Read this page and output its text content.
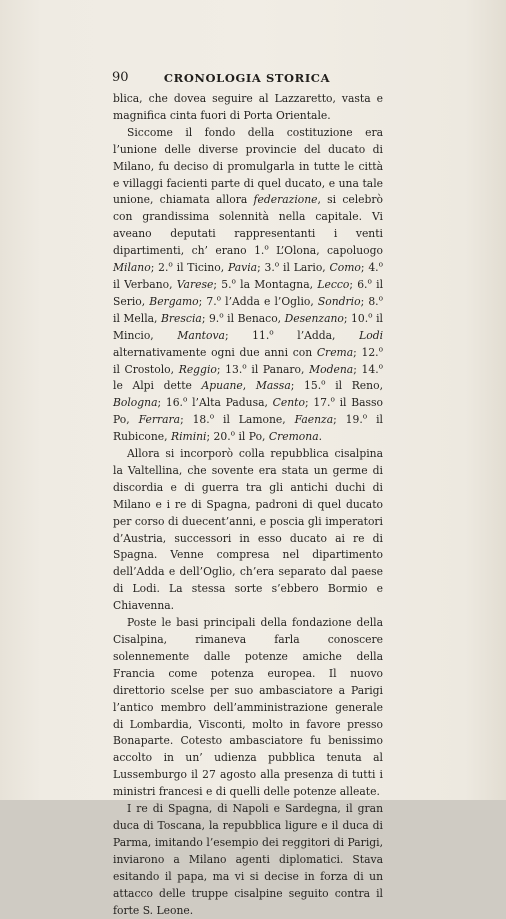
90	CRONOLOGIA STORICA

blica, che dovea seguire al Lazzaretto, vasta e magnifica cinta fuori di Porta Orientale.

Siccome il fondo della costituzione era l’unione delle diverse provincie del ducato di Milano, fu deciso di promulgarla in tutte le città e villaggi facienti parte di quel ducato, e una tale unione, chiamata allora federazione, si celebrò con grandissima solennità nella capitale. Vi aveano deputati rappresentanti i venti dipartimenti, ch’ erano 1.$^o$ L’Olona, capoluogo Milano; 2.$^o$ il Ticino, Pavia; 3.$^o$ il Lario, Como; 4.$^o$ il Verbano, Varese; 5.$^o$ la Montagna, Lecco; 6.$^o$ il Serio, Bergamo; 7.$^o$ l’Adda e l’Oglio, Sondrio; 8.$^o$ il Mella, Brescia; 9.$^o$ il Benaco, Desenzano; 10.$^o$ il Mincio, Mantova; 11.$^o$ l’Adda, Lodi alternativamente ogni due anni con Crema; 12.$^o$ il Crostolo, Reggio; 13.$^o$ il Panaro, Modena; 14.$^o$ le Alpi dette Apuane, Massa; 15.$^o$ il Reno, Bologna; 16.$^o$ l’Alta Padusa, Cento; 17.$^o$ il Basso Po, Ferrara; 18.$^o$ il Lamone, Faenza; 19.$^o$ il Rubicone, Rimini; 20.$^o$ il Po, Cremona.

Allora si incorporò colla repubblica cisalpina la Valtellina, che sovente era stata un germe di discordia e di guerra tra gli antichi duchi di Milano e i re di Spagna, padroni di quel ducato per corso di duecent’anni, e poscia gli imperatori d’Austria, successori in esso ducato ai re di Spagna. Venne compresa nel dipartimento dell’Adda e dell’Oglio, ch’era separato dal paese di Lodi. La stessa sorte s’ebbero Bormio e Chiavenna.

Poste le basi principali della fondazione della Cisalpina, rimaneva farla conoscere solennemente dalle potenze amiche della Francia come potenza europea. Il nuovo direttorio scelse per suo ambasciatore a Parigi l’antico membro dell’amministrazione generale di Lombardia, Visconti, molto in favore presso Bonaparte. Cotesto ambasciatore fu benissimo accolto in un’ udienza pubblica tenuta al Lussemburgo il 27 agosto alla presenza di tutti i ministri francesi e di quelli delle potenze alleate.

I re di Spagna, di Napoli e Sardegna, il gran duca di Toscana, la repubblica ligure e il duca di Parma, imitando l’esempio dei reggitori di Parigi, inviarono a Milano agenti diplomatici. Stava esitando il papa, ma vi si decise in forza di un attacco delle truppe cisalpine seguito contra il forte S. Leone.
